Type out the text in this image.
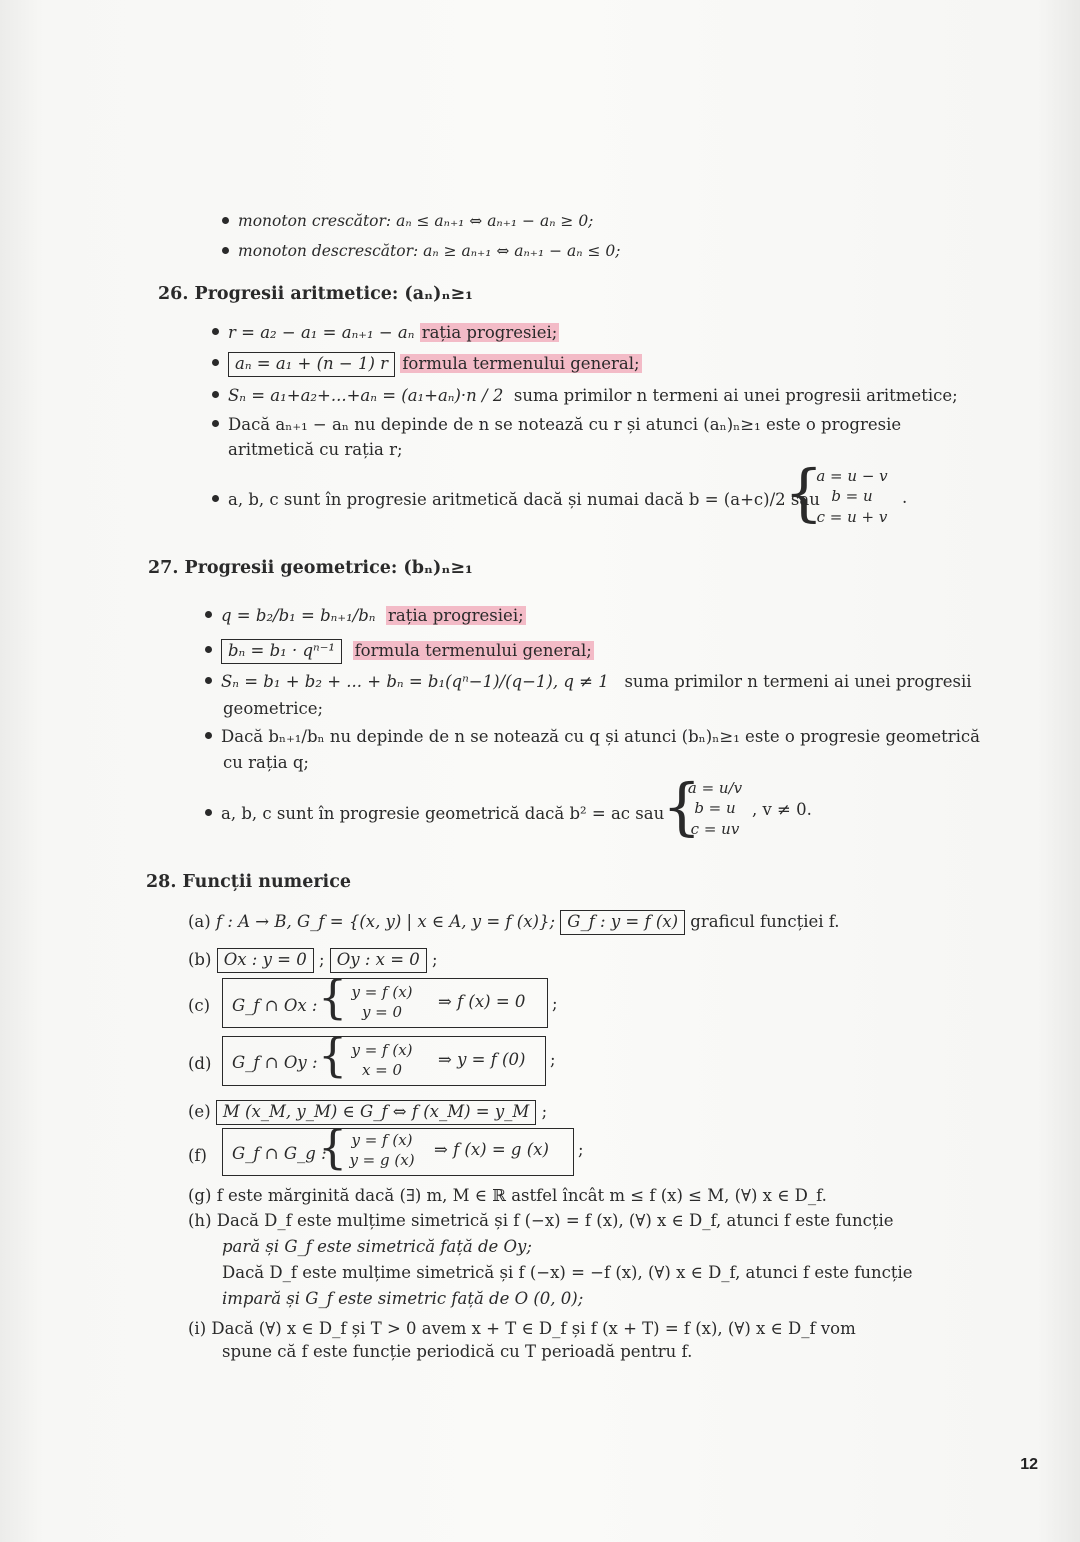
monoton crescător: aₙ ≤ aₙ₊₁ ⇔ aₙ₊₁ − aₙ ≥ 0;
monoton descrescător: aₙ ≥ aₙ₊₁ ⇔ aₙ₊₁ − aₙ ≤ 0;
26. Progresii aritmetice: (aₙ)ₙ≥₁
r = a₂ − a₁ = aₙ₊₁ − aₙ rația progresiei;
aₙ = a₁ + (n − 1) r formula termenului general;
Sₙ = a₁+a₂+...+aₙ = (a₁+aₙ)·n / 2 suma primilor n termeni ai unei progresii aritmetice;
Dacă aₙ₊₁ − aₙ nu depinde de n se notează cu r și atunci (aₙ)ₙ≥₁ este o progresie
aritmetică cu rația r;
a, b, c sunt în progresie aritmetică dacă și numai dacă b = (a+c)/2 sau
{
a = u − v
b = u
c = u + v
.
27. Progresii geometrice: (bₙ)ₙ≥₁
q = b₂/b₁ = bₙ₊₁/bₙ rația progresiei;
bₙ = b₁ · qⁿ⁻¹ formula termenului general;
Sₙ = b₁ + b₂ + ... + bₙ = b₁(qⁿ−1)/(q−1), q ≠ 1 suma primilor n termeni ai unei progresii
geometrice;
Dacă bₙ₊₁/bₙ nu depinde de n se notează cu q și atunci (bₙ)ₙ≥₁ este o progresie geometrică
cu rația q;
a, b, c sunt în progresie geometrică dacă b² = ac sau
{
a = u/v
b = u
c = uv
, v ≠ 0.
28. Funcții numerice
(a) f : A → B, G_f = {(x, y) | x ∈ A, y = f (x)}; G_f : y = f (x) graficul funcției f.
(b) Ox : y = 0 ; Oy : x = 0 ;
(c) G_f ∩ Ox : { y = f (x)
y = 0
⇒ f (x) = 0 ;
(d) G_f ∩ Oy : { y = f (x)
x = 0
⇒ y = f (0) ;
(e) M (x_M, y_M) ∈ G_f ⇔ f (x_M) = y_M ;
(f) G_f ∩ G_g :
{ y = f (x)
y = g (x)
⇒ f (x) = g (x) ;
(g) f este mărginită dacă (∃) m, M ∈ ℝ astfel încât m ≤ f (x) ≤ M, (∀) x ∈ D_f.
(h) Dacă D_f este mulțime simetrică și f (−x) = f (x), (∀) x ∈ D_f, atunci f este funcție
pară și G_f este simetrică față de Oy;
Dacă D_f este mulțime simetrică și f (−x) = −f (x), (∀) x ∈ D_f, atunci f este funcție
impară și G_f este simetric față de O (0, 0);
(i) Dacă (∀) x ∈ D_f și T > 0 avem x + T ∈ D_f și f (x + T) = f (x), (∀) x ∈ D_f vom
spune că f este funcție periodică cu T perioadă pentru f.
12
